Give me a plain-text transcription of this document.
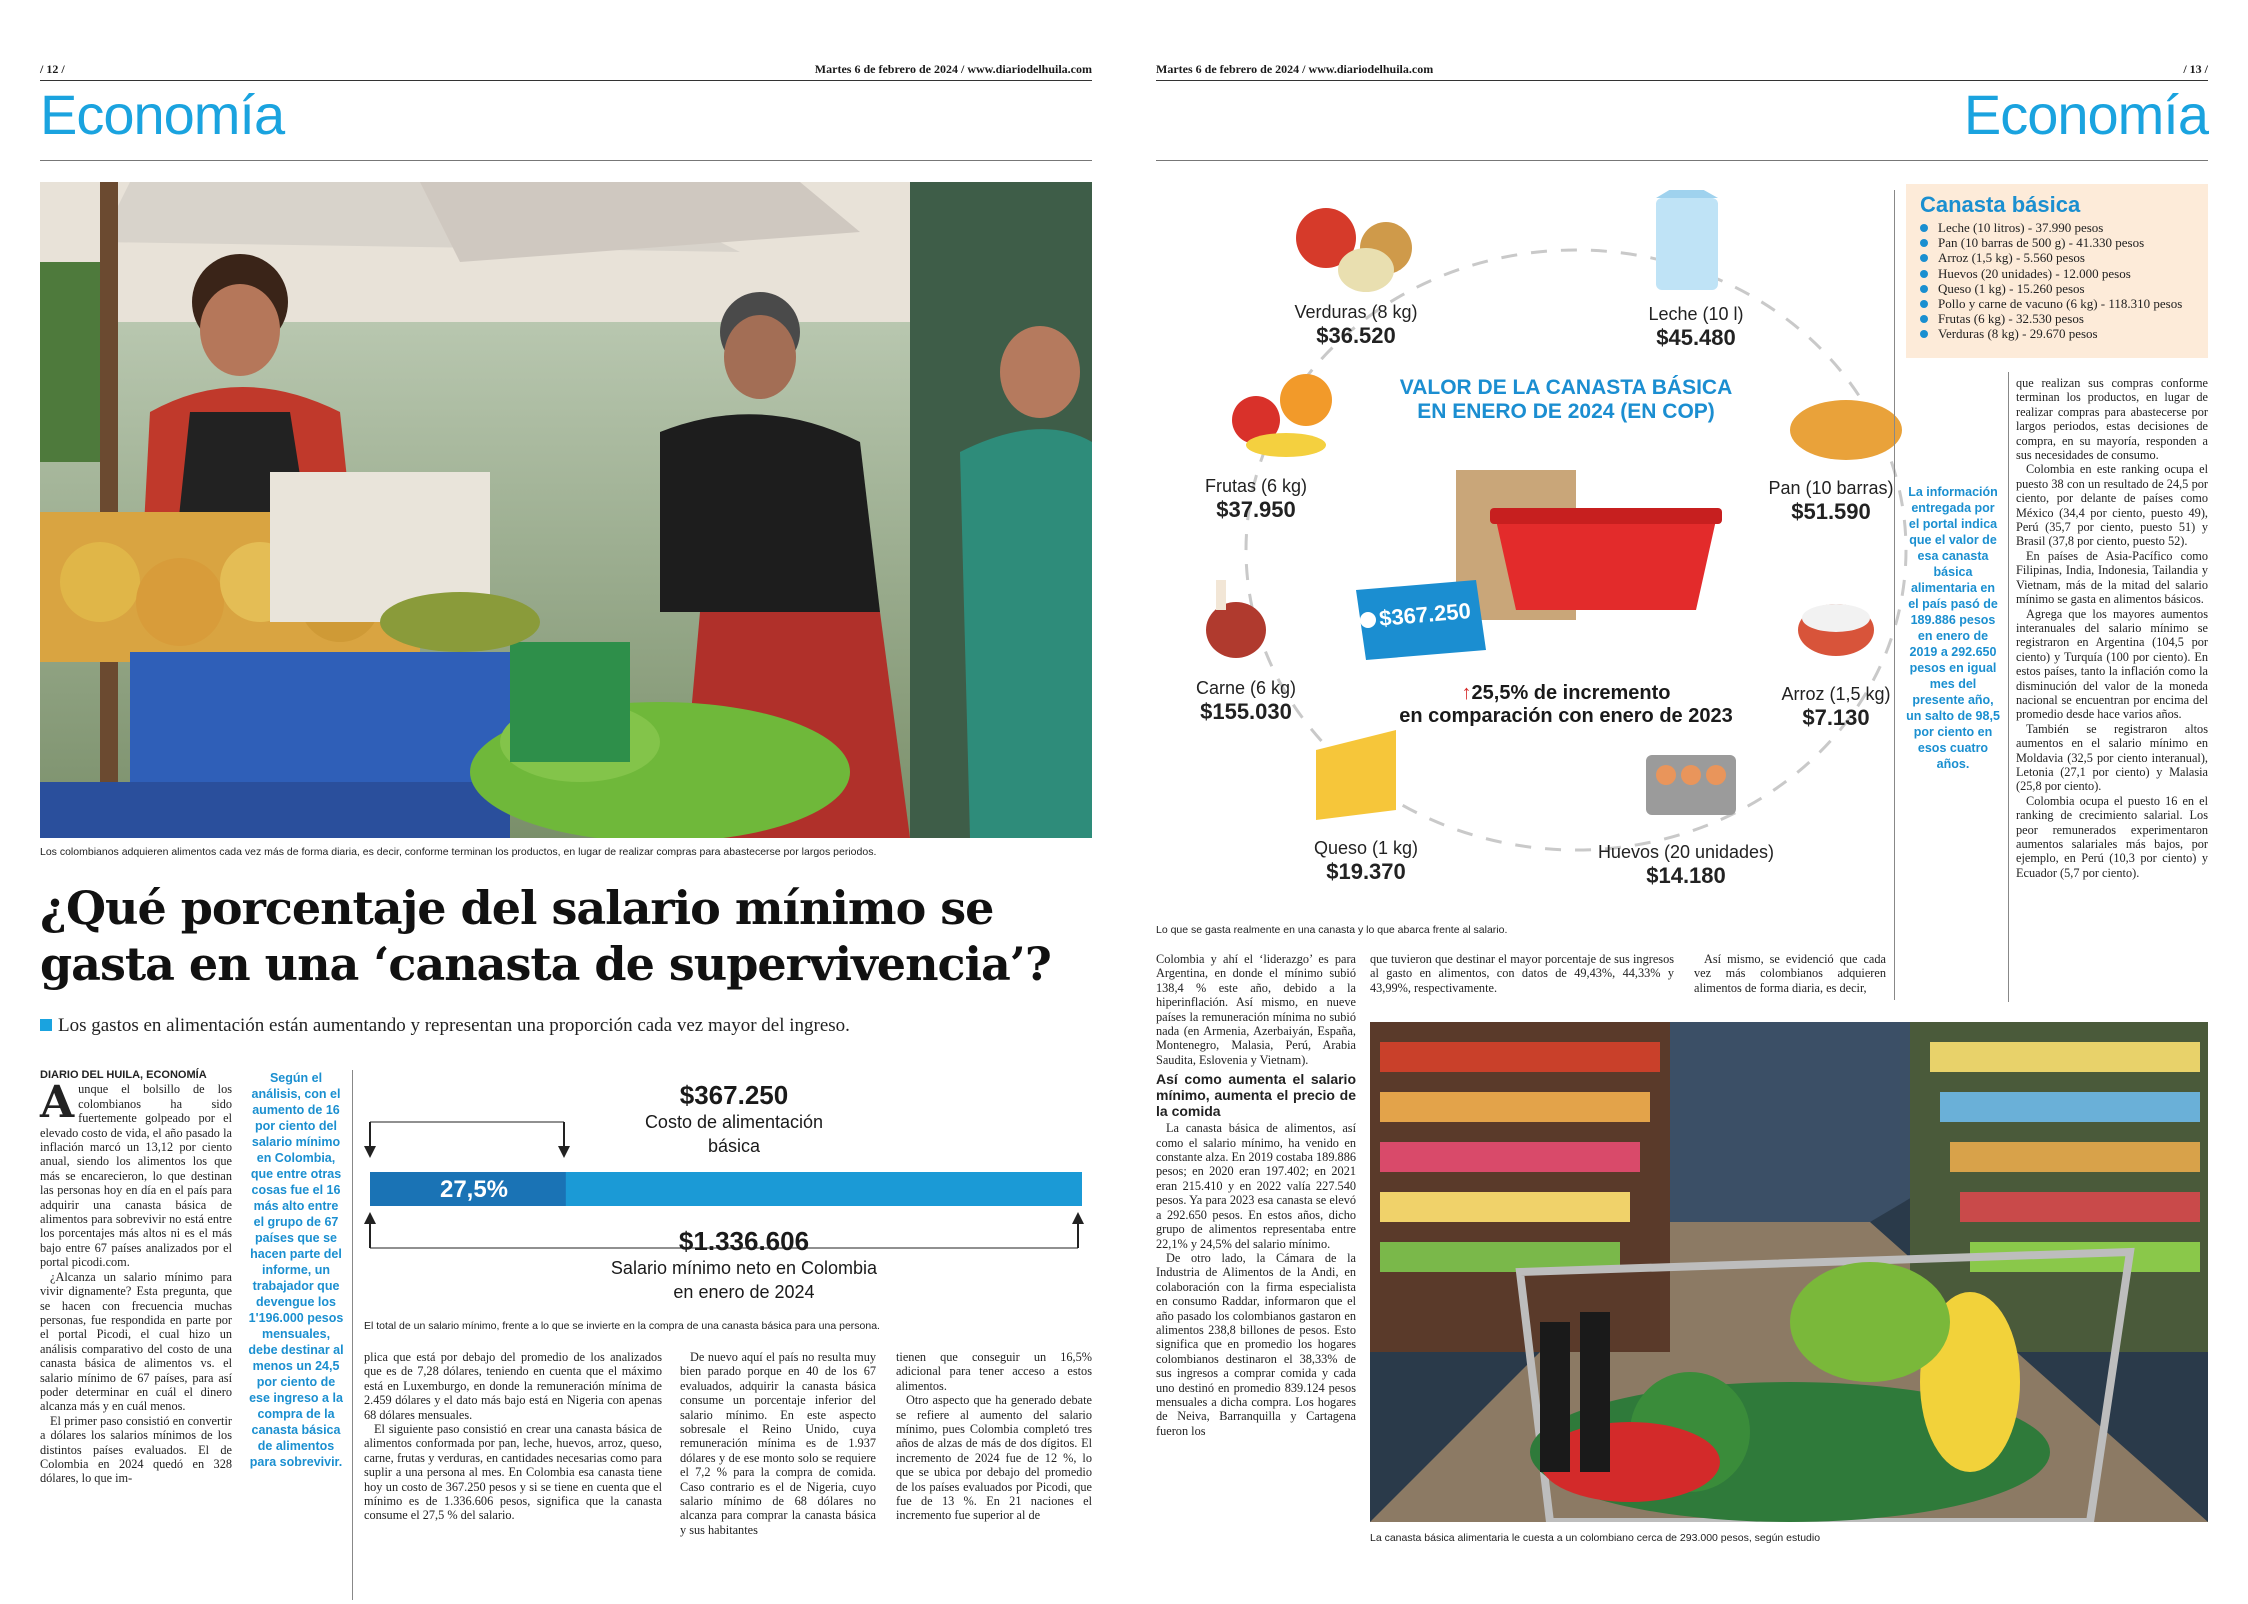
/ 12 /	Martes 6 de febrero de 2024 / www.diariodelhuila.com
Economía
Los colombianos adquieren alimentos cada vez más de forma diaria, es decir, conforme terminan los productos, en lugar de realizar compras para abastecerse por largos periodos.
¿Qué porcentaje del salario mínimo se
gasta en una ‘canasta de supervivencia’?
Los gastos en alimentación están aumentando y representan una proporción cada vez mayor del ingreso.
DIARIO DEL HUILA, ECONOMÍA

Aunque el bolsillo de los colombianos ha sido fuertemente golpeado por el elevado costo de vida, el año pasado la inflación marcó un 13,12 por ciento anual, siendo los alimentos los que más se encarecieron, lo que destinan las personas hoy en día en el país para adquirir una canasta básica de alimentos para sobrevivir no está entre los porcentajes más altos ni es el más bajo entre 67 países analizados por el portal picodi.com.

¿Alcanza un salario mínimo para vivir dignamente? Esta pregunta, que se hacen con frecuencia muchas personas, fue respondida en parte por el portal Picodi, el cual hizo un análisis comparativo del costo de una canasta básica de alimentos vs. el salario mínimo de 67 países, para así poder determinar en cuál el dinero alcanza más y en cuál menos.

El primer paso consistió en convertir a dólares los salarios mínimos de los distintos países evaluados. El de Colombia en 2024 quedó en 328 dólares, lo que im-

Según el análisis, con el aumento de 16 por ciento del salario mínimo en Colombia, que entre otras cosas fue el 16 más alto entre el grupo de 67 países que se hacen parte del informe, un trabajador que devengue los 1'196.000 pesos mensuales, debe destinar al menos un 24,5 por ciento de ese ingreso a la compra de la canasta básica de alimentos para sobrevivir.
$367.250
Costo de alimentación
básica
27,5%
$1.336.606
Salario mínimo neto en Colombia
en enero de 2024
El total de un salario mínimo, frente a lo que se invierte en la compra de una canasta básica para una persona.

plica que está por debajo del promedio de los analizados que es de 7,28 dólares, teniendo en cuenta que el máximo está en Luxemburgo, en donde la remuneración mínima de 2.459 dólares y el dato más bajo está en Nigeria con apenas 68 dólares mensuales.

El siguiente paso consistió en crear una canasta básica de alimentos conformada por pan, leche, huevos, arroz, queso, carne, frutas y verduras, en cantidades necesarias como para suplir a una persona al mes. En Colombia esa canasta tiene hoy un costo de 367.250 pesos y si se tiene en cuenta que el mínimo es de 1.336.606 pesos, significa que la canasta consume el 27,5 % del salario.

De nuevo aquí el país no resulta muy bien parado porque en 40 de los 67 evaluados, adquirir la canasta básica consume un porcentaje inferior del salario mínimo. En este aspecto sobresale el Reino Unido, cuya remuneración mínima es de 1.937 dólares y de ese monto solo se requiere el 7,2 % para la compra de comida. Caso contrario es el de Nigeria, cuyo salario mínimo de 68 dólares no alcanza para comprar la canasta básica y sus habitantes

tienen que conseguir un 16,5% adicional para tener acceso a estos alimentos.

Otro aspecto que ha generado debate se refiere al aumento del salario mínimo, pues Colombia completó tres años de alzas de más de dos dígitos. El incremento de 2024 fue de 12 %, lo que se ubica por debajo del promedio de los países evaluados por Picodi, que fue de 13 %. En 21 naciones el incremento fue superior al de

Martes 6 de febrero de 2024 / www.diariodelhuila.com	/ 13 /
Economía
VALOR DE LA CANASTA BÁSICA
EN ENERO DE 2024 (EN COP)
$367.250
↑25,5% de incremento
en comparación con enero de 2023
Verduras (8 kg)
$36.520
Leche (10 l)
$45.480
Pan (10 barras)
$51.590
Arroz (1,5 kg)
$7.130
Huevos (20 unidades)
$14.180
Queso (1 kg)
$19.370
Carne (6 kg)
$155.030
Frutas (6 kg)
$37.950
Lo que se gasta realmente en una canasta y lo que abarca frente al salario.
Canasta básica
Leche (10 litros) - 37.990 pesos
Pan (10 barras de 500 g) - 41.330 pesos
Arroz (1,5 kg) - 5.560 pesos
Huevos (20 unidades) - 12.000 pesos
Queso (1 kg) - 15.260 pesos
Pollo y carne de vacuno (6 kg) - 118.310 pesos
Frutas (6 kg) - 32.530 pesos
Verduras (8 kg) - 29.670 pesos
La información entregada por el portal indica que el valor de esa canasta básica alimentaria en el país pasó de 189.886 pesos en enero de 2019 a 292.650 pesos en igual mes del presente año, un salto de 98,5 por ciento en esos cuatro años.

que realizan sus compras conforme terminan los productos, en lugar de realizar compras para abastecerse por largos periodos, estas decisiones de compra, en su mayoría, responden a sus necesidades de consumo.

Colombia en este ranking ocupa el puesto 38 con un resultado de 24,5 por ciento, por delante de países como México (34,4 por ciento, puesto 49), Perú (35,7 por ciento, puesto 51) y Brasil (37,8 por ciento, puesto 52).

En países de Asia-Pacífico como Filipinas, India, Indonesia, Tailandia y Vietnam, más de la mitad del salario mínimo se gasta en alimentos básicos.

Agrega que los mayores aumentos interanuales del salario mínimo se registraron en Argentina (104,5 por ciento) y Turquía (100 por ciento). En estos países, tanto la inflación como la disminución del valor de la moneda nacional se encuentran por encima del promedio desde hace varios años.

También se registraron altos aumentos en el salario mínimo en Moldavia (32,5 por ciento interanual), Letonia (27,1 por ciento) y Malasia (25,8 por ciento).

Colombia ocupa el puesto 16 en el ranking de crecimiento salarial. Los peor remunerados experimentaron aumentos salariales más bajos, por ejemplo, en Perú (10,3 por ciento) y Ecuador (5,7 por ciento).

Colombia y ahí el ‘liderazgo’ es para Argentina, en donde el mínimo subió 138,4 % este año, debido a la hiperinflación. Así mismo, en nueve países la remuneración mínima no subió nada (en Armenia, Azerbaiyán, España, Montenegro, Malasia, Perú, Arabia Saudita, Eslovenia y Vietnam).

Así como aumenta el salario mínimo, aumenta el precio de la comida

La canasta básica de alimentos, así como el salario mínimo, ha venido en constante alza. En 2019 costaba 189.886 pesos; en 2020 eran 197.402; en 2021 eran 215.410 y en 2022 valía 227.540 pesos. Ya para 2023 esa canasta se elevó a 292.650 pesos. En estos años, dicho grupo de alimentos representaba entre 22,1% y 24,5% del salario mínimo.

De otro lado, la Cámara de la Industria de Alimentos de la Andi, en colaboración con la firma especialista en consumo Raddar, informaron que el año pasado los colombianos gastaron en alimentos 238,8 billones de pesos. Esto significa que en promedio los hogares colombianos destinaron el 38,33% de sus ingresos a comprar comida y cada uno destinó en promedio 839.124 pesos mensuales a dicha compra. Los hogares de Neiva, Barranquilla y Cartagena fueron los

que tuvieron que destinar el mayor porcentaje de sus ingresos al gasto en alimentos, con datos de 49,43%, 44,33% y 43,99%, respectivamente.

Así mismo, se evidenció que cada vez más colombianos adquieren alimentos de forma diaria, es decir,

La canasta básica alimentaria le cuesta a un colombiano cerca de 293.000 pesos, según estudio
